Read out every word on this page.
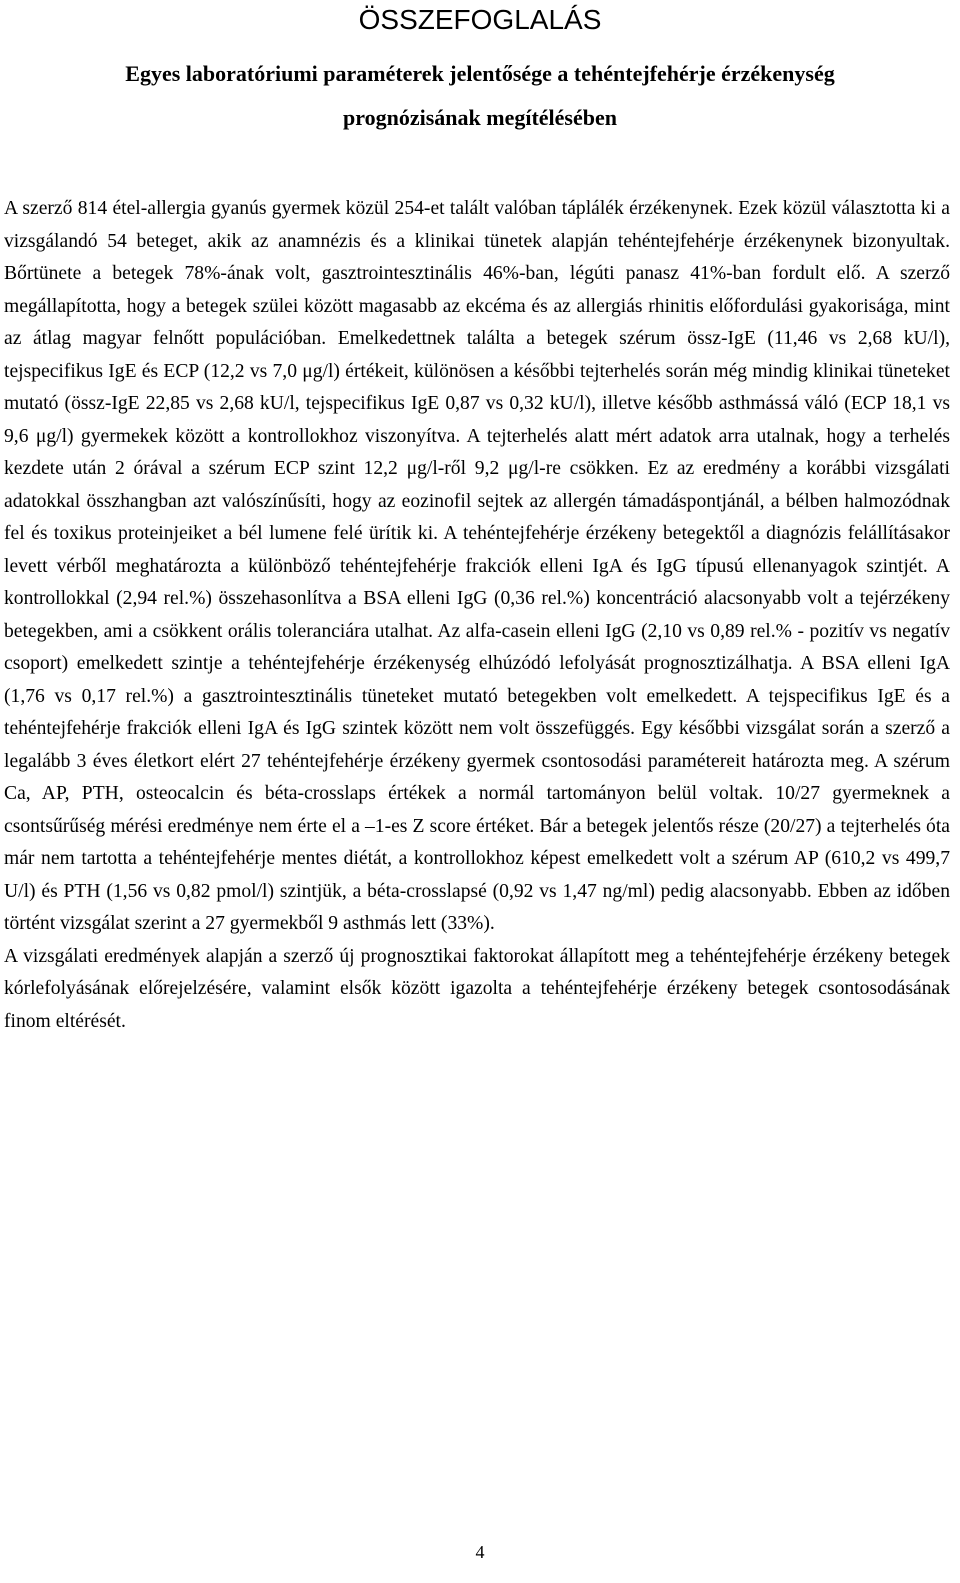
ÖSSZEFOGLALÁS
Egyes laboratóriumi paraméterek jelentősége a tehéntejfehérje érzékenység
prognózisának megítélésében

A szerző 814 étel-allergia gyanús gyermek közül 254-et talált valóban táplálék érzékenynek. Ezek közül választotta ki a vizsgálandó 54 beteget, akik az anamnézis és a klinikai tünetek alapján tehéntejfehérje érzékenynek bizonyultak. Bőrtünete a betegek 78%-ának volt, gasztrointesztinális 46%-ban, légúti panasz 41%-ban fordult elő. A szerző megállapította, hogy a betegek szülei között magasabb az ekcéma és az allergiás rhinitis előfordulási gyakorisága, mint az átlag magyar felnőtt populációban. Emelkedettnek találta a betegek szérum össz-IgE (11,46 vs 2,68 kU/l), tejspecifikus IgE és ECP (12,2 vs 7,0 μg/l) értékeit, különösen a későbbi tejterhelés során még mindig klinikai tüneteket mutató (össz-IgE 22,85 vs 2,68 kU/l, tejspecifikus IgE 0,87 vs 0,32 kU/l), illetve később asthmássá váló (ECP 18,1 vs 9,6 μg/l) gyermekek között a kontrollokhoz viszonyítva. A tejterhelés alatt mért adatok arra utalnak, hogy a terhelés kezdete után 2 órával a szérum ECP szint 12,2 μg/l-ről 9,2 μg/l-re csökken. Ez az eredmény a korábbi vizsgálati adatokkal összhangban azt valószínűsíti, hogy az eozinofil sejtek az allergén támadáspontjánál, a bélben halmozódnak fel és toxikus proteinjeiket a bél lumene felé ürítik ki. A tehéntejfehérje érzékeny betegektől a diagnózis felállításakor levett vérből meghatározta a különböző tehéntejfehérje frakciók elleni IgA és IgG típusú ellenanyagok szintjét. A kontrollokkal (2,94 rel.%) összehasonlítva a BSA elleni IgG (0,36 rel.%) koncentráció alacsonyabb volt a tejérzékeny betegekben, ami a csökkent orális toleranciára utalhat. Az alfa-casein elleni IgG (2,10 vs 0,89 rel.% - pozitív vs negatív csoport) emelkedett szintje a tehéntejfehérje érzékenység elhúzódó lefolyását prognosztizálhatja. A BSA elleni IgA (1,76 vs 0,17 rel.%) a gasztrointesztinális tüneteket mutató betegekben volt emelkedett. A tejspecifikus IgE és a tehéntejfehérje frakciók elleni IgA és IgG szintek között nem volt összefüggés. Egy későbbi vizsgálat során a szerző a legalább 3 éves életkort elért 27 tehéntejfehérje érzékeny gyermek csontosodási paramétereit határozta meg. A szérum Ca, AP, PTH, osteocalcin és béta-crosslaps értékek a normál tartományon belül voltak. 10/27 gyermeknek a csontsűrűség mérési eredménye nem érte el a –1-es Z score értéket. Bár a betegek jelentős része (20/27) a tejterhelés óta már nem tartotta a tehéntejfehérje mentes diétát, a kontrollokhoz képest emelkedett volt a szérum AP (610,2 vs 499,7 U/l) és PTH (1,56 vs 0,82 pmol/l) szintjük, a béta-crosslapsé (0,92 vs 1,47 ng/ml) pedig alacsonyabb. Ebben az időben történt vizsgálat szerint a 27 gyermekből 9 asthmás lett (33%).

A vizsgálati eredmények alapján a szerző új prognosztikai faktorokat állapított meg a tehéntejfehérje érzékeny betegek kórlefolyásának előrejelzésére, valamint elsők között igazolta a tehéntejfehérje érzékeny betegek csontosodásának finom eltérését.

4
